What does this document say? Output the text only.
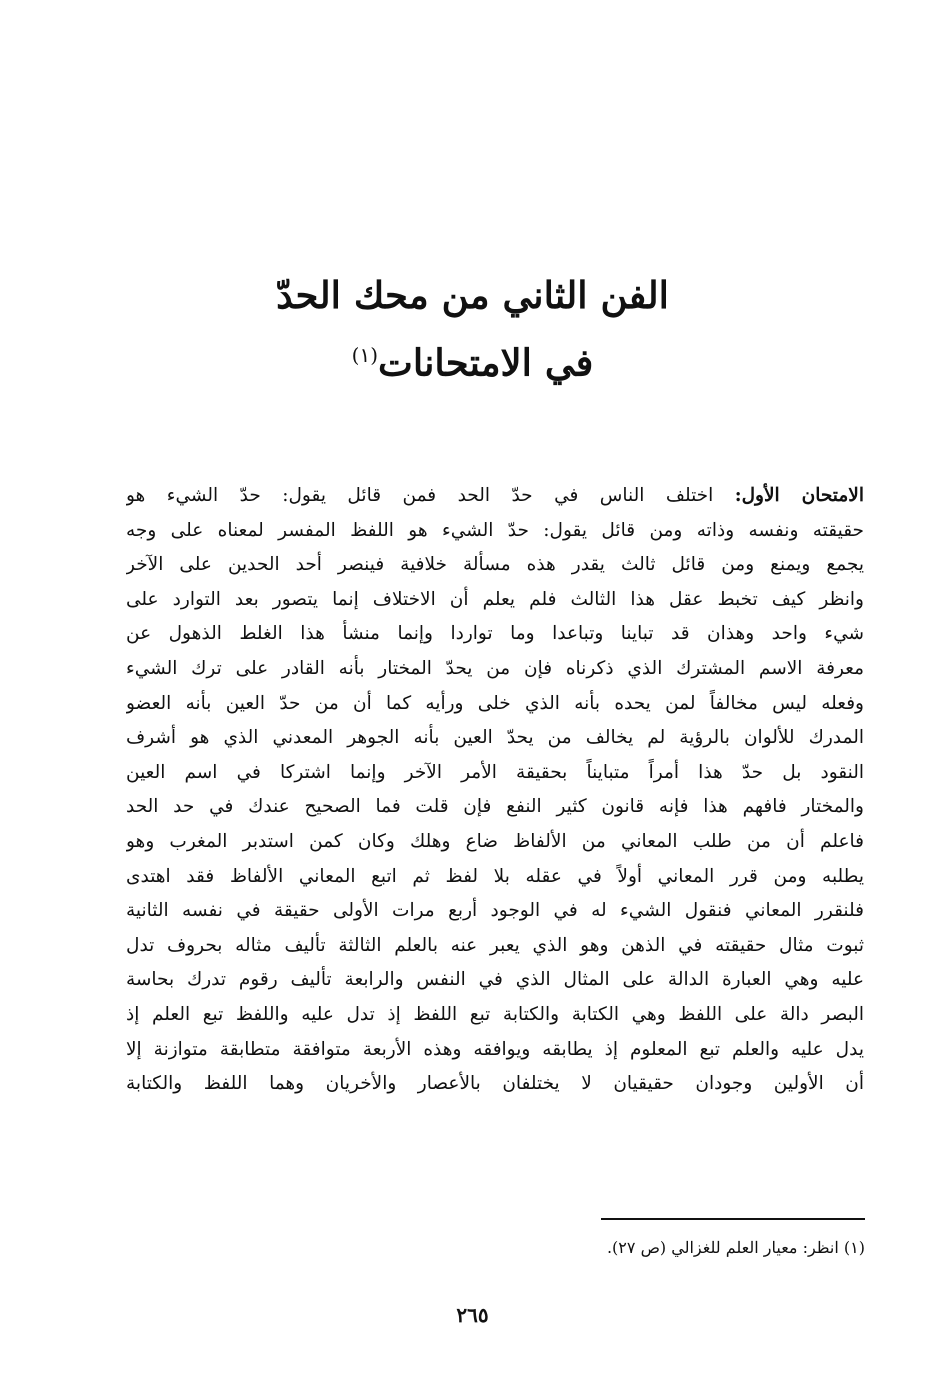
الفن الثاني من محك الحدّ

في الامتحانات$^{(١)}$

الامتحان الأول: اختلف الناس في حدّ الحد فمن قائل يقول: حدّ الشيء هو
حقيقته ونفسه وذاته ومن قائل يقول: حدّ الشيء هو اللفظ المفسر لمعناه على وجه
يجمع ويمنع ومن قائل ثالث يقدر هذه مسألة خلافية فينصر أحد الحدين على الآخر
وانظر كيف تخبط عقل هذا الثالث فلم يعلم أن الاختلاف إنما يتصور بعد التوارد على
شيء واحد وهذان قد تباينا وتباعدا وما تواردا وإنما منشأ هذا الغلط الذهول عن
معرفة الاسم المشترك الذي ذكرناه فإن من يحدّ المختار بأنه القادر على ترك الشيء
وفعله ليس مخالفاً لمن يحده بأنه الذي خلى ورأيه كما أن من حدّ العين بأنه العضو
المدرك للألوان بالرؤية لم يخالف من يحدّ العين بأنه الجوهر المعدني الذي هو أشرف
النقود بل حدّ هذا أمراً متبايناً بحقيقة الأمر الآخر وإنما اشتركا في اسم العين
والمختار فافهم هذا فإنه قانون كثير النفع فإن قلت فما الصحيح عندك في حد الحد
فاعلم أن من طلب المعاني من الألفاظ ضاع وهلك وكان كمن استدبر المغرب وهو
يطلبه ومن قرر المعاني أولاً في عقله بلا لفظ ثم اتبع المعاني الألفاظ فقد اهتدى
فلنقرر المعاني فنقول الشيء له في الوجود أربع مرات الأولى حقيقة في نفسه الثانية
ثبوت مثال حقيقته في الذهن وهو الذي يعبر عنه بالعلم الثالثة تأليف مثاله بحروف تدل
عليه وهي العبارة الدالة على المثال الذي في النفس والرابعة تأليف رقوم تدرك بحاسة
البصر دالة على اللفظ وهي الكتابة والكتابة تبع اللفظ إذ تدل عليه واللفظ تبع العلم إذ
يدل عليه والعلم تبع المعلوم إذ يطابقه ويوافقه وهذه الأربعة متوافقة متطابقة متوازنة إلا
أن الأولين وجودان حقيقيان لا يختلفان بالأعصار والأخريان وهما اللفظ والكتابة
(١) انظر: معيار العلم للغزالي (ص ٢٧).
٢٦٥
